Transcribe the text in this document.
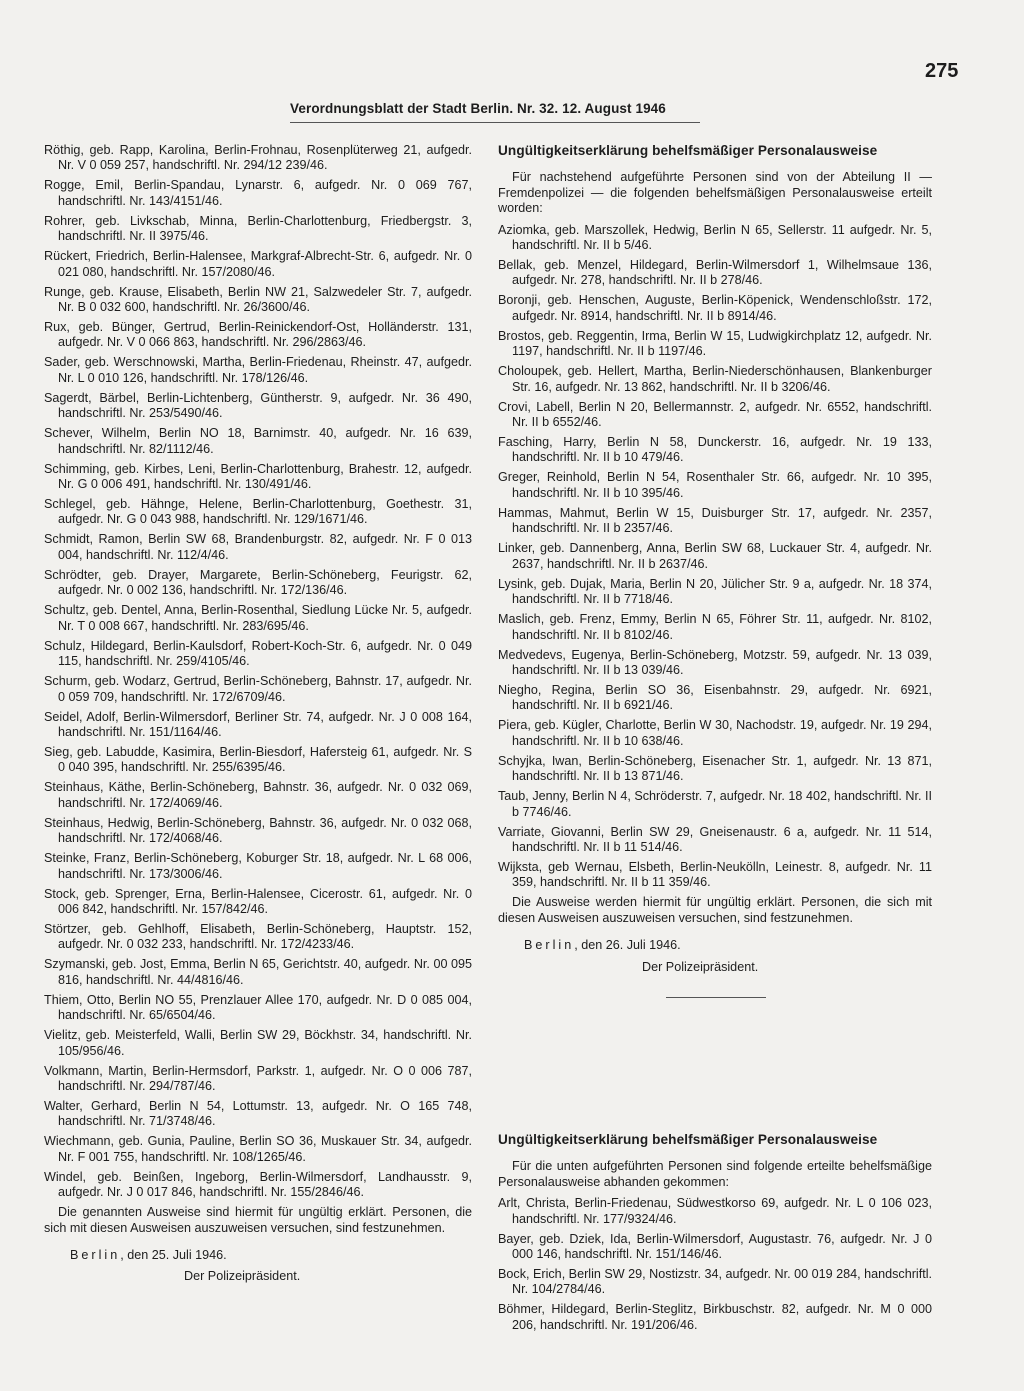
Verordnungsblatt der Stadt Berlin. Nr. 32. 12. August 1946
275

Röthig, geb. Rapp, Karolina, Berlin-Frohnau, Rosenplüterweg 21, aufgedr. Nr. V 0 059 257, handschriftl. Nr. 294/12 239/46.

Rogge, Emil, Berlin-Spandau, Lynarstr. 6, aufgedr. Nr. 0 069 767, handschriftl. Nr. 143/4151/46.

Rohrer, geb. Livkschab, Minna, Berlin-Charlottenburg, Friedbergstr. 3, handschriftl. Nr. II 3975/46.

Rückert, Friedrich, Berlin-Halensee, Markgraf-Albrecht-Str. 6, aufgedr. Nr. 0 021 080, handschriftl. Nr. 157/2080/46.

Runge, geb. Krause, Elisabeth, Berlin NW 21, Salzwedeler Str. 7, aufgedr. Nr. B 0 032 600, handschriftl. Nr. 26/3600/46.

Rux, geb. Bünger, Gertrud, Berlin-Reinickendorf-Ost, Holländerstr. 131, aufgedr. Nr. V 0 066 863, handschriftl. Nr. 296/2863/46.

Sader, geb. Werschnowski, Martha, Berlin-Friedenau, Rheinstr. 47, aufgedr. Nr. L 0 010 126, handschriftl. Nr. 178/126/46.

Sagerdt, Bärbel, Berlin-Lichtenberg, Güntherstr. 9, aufgedr. Nr. 36 490, handschriftl. Nr. 253/5490/46.

Schever, Wilhelm, Berlin NO 18, Barnimstr. 40, aufgedr. Nr. 16 639, handschriftl. Nr. 82/1112/46.

Schimming, geb. Kirbes, Leni, Berlin-Charlottenburg, Brahestr. 12, aufgedr. Nr. G 0 006 491, handschriftl. Nr. 130/491/46.

Schlegel, geb. Hähnge, Helene, Berlin-Charlottenburg, Goethestr. 31, aufgedr. Nr. G 0 043 988, handschriftl. Nr. 129/1671/46.

Schmidt, Ramon, Berlin SW 68, Brandenburgstr. 82, aufgedr. Nr. F 0 013 004, handschriftl. Nr. 112/4/46.

Schrödter, geb. Drayer, Margarete, Berlin-Schöneberg, Feurigstr. 62, aufgedr. Nr. 0 002 136, handschriftl. Nr. 172/136/46.

Schultz, geb. Dentel, Anna, Berlin-Rosenthal, Siedlung Lücke Nr. 5, aufgedr. Nr. T 0 008 667, handschriftl. Nr. 283/695/46.

Schulz, Hildegard, Berlin-Kaulsdorf, Robert-Koch-Str. 6, aufgedr. Nr. 0 049 115, handschriftl. Nr. 259/4105/46.

Schurm, geb. Wodarz, Gertrud, Berlin-Schöneberg, Bahnstr. 17, aufgedr. Nr. 0 059 709, handschriftl. Nr. 172/6709/46.

Seidel, Adolf, Berlin-Wilmersdorf, Berliner Str. 74, aufgedr. Nr. J 0 008 164, handschriftl. Nr. 151/1164/46.

Sieg, geb. Labudde, Kasimira, Berlin-Biesdorf, Hafersteig 61, aufgedr. Nr. S 0 040 395, handschriftl. Nr. 255/6395/46.

Steinhaus, Käthe, Berlin-Schöneberg, Bahnstr. 36, aufgedr. Nr. 0 032 069, handschriftl. Nr. 172/4069/46.

Steinhaus, Hedwig, Berlin-Schöneberg, Bahnstr. 36, aufgedr. Nr. 0 032 068, handschriftl. Nr. 172/4068/46.

Steinke, Franz, Berlin-Schöneberg, Koburger Str. 18, aufgedr. Nr. L 68 006, handschriftl. Nr. 173/3006/46.

Stock, geb. Sprenger, Erna, Berlin-Halensee, Cicerostr. 61, aufgedr. Nr. 0 006 842, handschriftl. Nr. 157/842/46.

Störtzer, geb. Gehlhoff, Elisabeth, Berlin-Schöneberg, Hauptstr. 152, aufgedr. Nr. 0 032 233, handschriftl. Nr. 172/4233/46.

Szymanski, geb. Jost, Emma, Berlin N 65, Gerichtstr. 40, aufgedr. Nr. 00 095 816, handschriftl. Nr. 44/4816/46.

Thiem, Otto, Berlin NO 55, Prenzlauer Allee 170, aufgedr. Nr. D 0 085 004, handschriftl. Nr. 65/6504/46.

Vielitz, geb. Meisterfeld, Walli, Berlin SW 29, Böckhstr. 34, handschriftl. Nr. 105/956/46.

Volkmann, Martin, Berlin-Hermsdorf, Parkstr. 1, aufgedr. Nr. O 0 006 787, handschriftl. Nr. 294/787/46.

Walter, Gerhard, Berlin N 54, Lottumstr. 13, aufgedr. Nr. O 165 748, handschriftl. Nr. 71/3748/46.

Wiechmann, geb. Gunia, Pauline, Berlin SO 36, Muskauer Str. 34, aufgedr. Nr. F 001 755, handschriftl. Nr. 108/1265/46.

Windel, geb. Beinßen, Ingeborg, Berlin-Wilmersdorf, Landhausstr. 9, aufgedr. Nr. J 0 017 846, handschriftl. Nr. 155/2846/46.

Die genannten Ausweise sind hiermit für ungültig erklärt. Personen, die sich mit diesen Ausweisen auszuweisen versuchen, sind festzunehmen.

Berlin, den 25. Juli 1946.
Der Polizeipräsident.
Ungültigkeitserklärung behelfsmäßiger Personalausweise

Für nachstehend aufgeführte Personen sind von der Abteilung II — Fremdenpolizei — die folgenden behelfsmäßigen Personalausweise erteilt worden:

Aziomka, geb. Marszollek, Hedwig, Berlin N 65, Sellerstr. 11 aufgedr. Nr. 5, handschriftl. Nr. II b 5/46.

Bellak, geb. Menzel, Hildegard, Berlin-Wilmersdorf 1, Wilhelmsaue 136, aufgedr. Nr. 278, handschriftl. Nr. II b 278/46.

Boronji, geb. Henschen, Auguste, Berlin-Köpenick, Wendenschloßstr. 172, aufgedr. Nr. 8914, handschriftl. Nr. II b 8914/46.

Brostos, geb. Reggentin, Irma, Berlin W 15, Ludwigkirchplatz 12, aufgedr. Nr. 1197, handschriftl. Nr. II b 1197/46.

Choloupek, geb. Hellert, Martha, Berlin-Niederschönhausen, Blankenburger Str. 16, aufgedr. Nr. 13 862, handschriftl. Nr. II b 3206/46.

Crovi, Labell, Berlin N 20, Bellermannstr. 2, aufgedr. Nr. 6552, handschriftl. Nr. II b 6552/46.

Fasching, Harry, Berlin N 58, Dunckerstr. 16, aufgedr. Nr. 19 133, handschriftl. Nr. II b 10 479/46.

Greger, Reinhold, Berlin N 54, Rosenthaler Str. 66, aufgedr. Nr. 10 395, handschriftl. Nr. II b 10 395/46.

Hammas, Mahmut, Berlin W 15, Duisburger Str. 17, aufgedr. Nr. 2357, handschriftl. Nr. II b 2357/46.

Linker, geb. Dannenberg, Anna, Berlin SW 68, Luckauer Str. 4, aufgedr. Nr. 2637, handschriftl. Nr. II b 2637/46.

Lysink, geb. Dujak, Maria, Berlin N 20, Jülicher Str. 9 a, aufgedr. Nr. 18 374, handschriftl. Nr. II b 7718/46.

Maslich, geb. Frenz, Emmy, Berlin N 65, Föhrer Str. 11, aufgedr. Nr. 8102, handschriftl. Nr. II b 8102/46.

Medvedevs, Eugenya, Berlin-Schöneberg, Motzstr. 59, aufgedr. Nr. 13 039, handschriftl. Nr. II b 13 039/46.

Niegho, Regina, Berlin SO 36, Eisenbahnstr. 29, aufgedr. Nr. 6921, handschriftl. Nr. II b 6921/46.

Piera, geb. Kügler, Charlotte, Berlin W 30, Nachodstr. 19, aufgedr. Nr. 19 294, handschriftl. Nr. II b 10 638/46.

Schyjka, Iwan, Berlin-Schöneberg, Eisenacher Str. 1, aufgedr. Nr. 13 871, handschriftl. Nr. II b 13 871/46.

Taub, Jenny, Berlin N 4, Schröderstr. 7, aufgedr. Nr. 18 402, handschriftl. Nr. II b 7746/46.

Varriate, Giovanni, Berlin SW 29, Gneisenaustr. 6 a, aufgedr. Nr. 11 514, handschriftl. Nr. II b 11 514/46.

Wijksta, geb Wernau, Elsbeth, Berlin-Neukölln, Leinestr. 8, aufgedr. Nr. 11 359, handschriftl. Nr. II b 11 359/46.

Die Ausweise werden hiermit für ungültig erklärt. Personen, die sich mit diesen Ausweisen auszuweisen versuchen, sind festzunehmen.

Berlin, den 26. Juli 1946.
Der Polizeipräsident.
Ungültigkeitserklärung behelfsmäßiger Personalausweise

Für die unten aufgeführten Personen sind folgende erteilte behelfsmäßige Personalausweise abhanden gekommen:

Arlt, Christa, Berlin-Friedenau, Südwestkorso 69, aufgedr. Nr. L 0 106 023, handschriftl. Nr. 177/9324/46.

Bayer, geb. Dziek, Ida, Berlin-Wilmersdorf, Augustastr. 76, aufgedr. Nr. J 0 000 146, handschriftl. Nr. 151/146/46.

Bock, Erich, Berlin SW 29, Nostizstr. 34, aufgedr. Nr. 00 019 284, handschriftl. Nr. 104/2784/46.

Böhmer, Hildegard, Berlin-Steglitz, Birkbuschstr. 82, aufgedr. Nr. M 0 000 206, handschriftl. Nr. 191/206/46.
